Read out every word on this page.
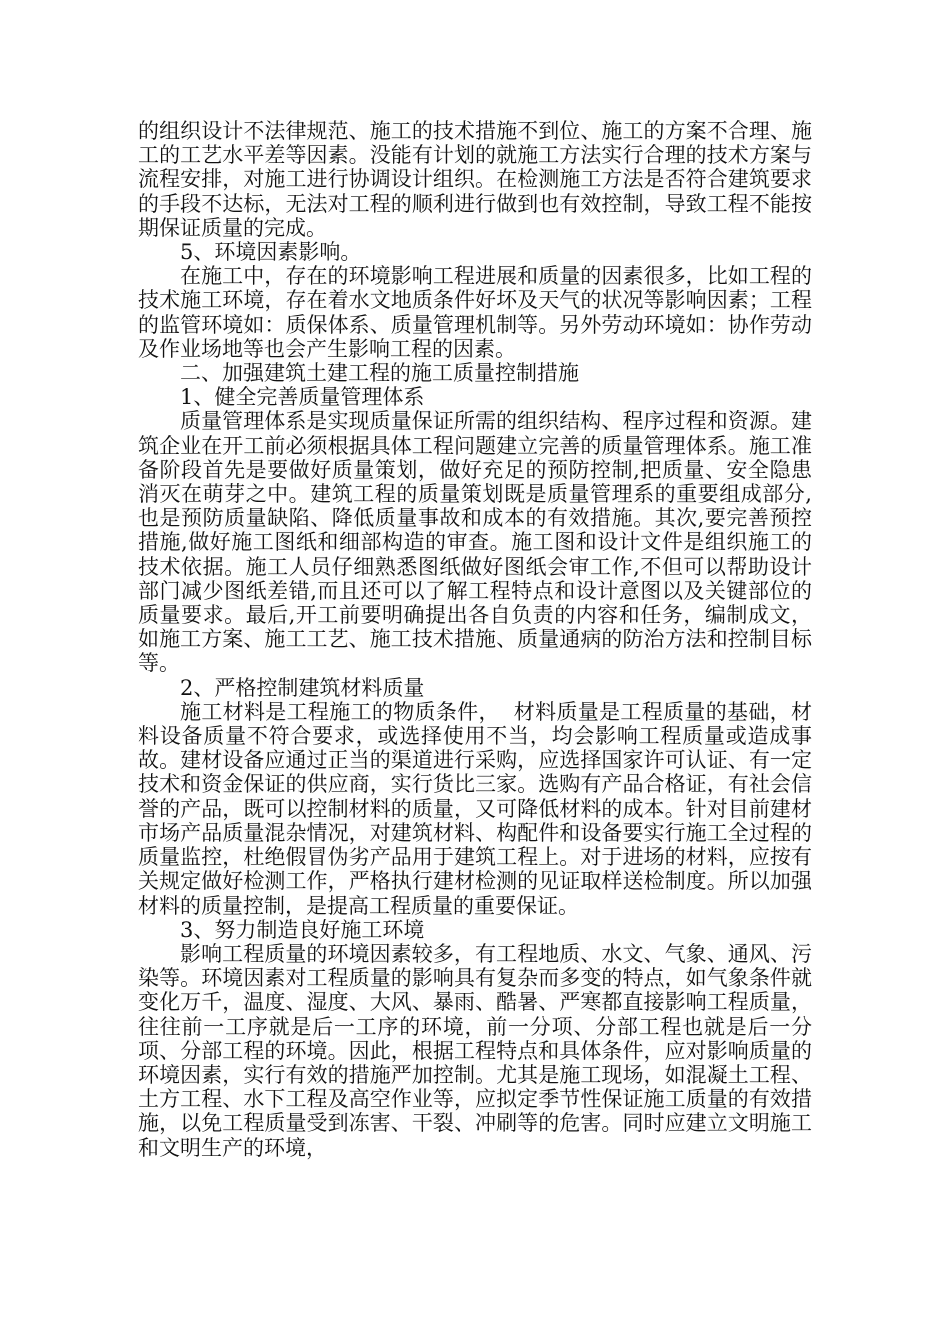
的组织设计不法律规范、施工的技术措施不到位、施工的方案不合理、施工的工艺水平差等因素。没能有计划的就施工方法实行合理的技术方案与流程安排，对施工进行协调设计组织。在检测施工方法是否符合建筑要求的手段不达标，无法对工程的顺利进行做到也有效控制，导致工程不能按期保证质量的完成。

5、环境因素影响。

在施工中，存在的环境影响工程进展和质量的因素很多，比如工程的技术施工环境，存在着水文地质条件好坏及天气的状况等影响因素；工程的监管环境如：质保体系、质量管理机制等。另外劳动环境如：协作劳动及作业场地等也会产生影响工程的因素。

二、加强建筑土建工程的施工质量控制措施

1、健全完善质量管理体系

质量管理体系是实现质量保证所需的组织结构、程序过程和资源。建筑企业在开工前必须根据具体工程问题建立完善的质量管理体系。施工准备阶段首先是要做好质量策划，做好充足的预防控制,把质量、安全隐患消灭在萌芽之中。建筑工程的质量策划既是质量管理系的重要组成部分,也是预防质量缺陷、降低质量事故和成本的有效措施。其次,要完善预控措施,做好施工图纸和细部构造的审查。施工图和设计文件是组织施工的技术依据。施工人员仔细熟悉图纸做好图纸会审工作,不但可以帮助设计部门减少图纸差错,而且还可以了解工程特点和设计意图以及关键部位的质量要求。最后,开工前要明确提出各自负责的内容和任务，编制成文，如施工方案、施工工艺、施工技术措施、质量通病的防治方法和控制目标等。

2、严格控制建筑材料质量

施工材料是工程施工的物质条件，  材料质量是工程质量的基础，材料设备质量不符合要求，或选择使用不当，均会影响工程质量或造成事故。建材设备应通过正当的渠道进行采购，应选择国家许可认证、有一定技术和资金保证的供应商，实行货比三家。选购有产品合格证，有社会信誉的产品，既可以控制材料的质量，又可降低材料的成本。针对目前建材市场产品质量混杂情况，对建筑材料、构配件和设备要实行施工全过程的质量监控，杜绝假冒伪劣产品用于建筑工程上。对于进场的材料，应按有关规定做好检测工作，严格执行建材检测的见证取样送检制度。所以加强材料的质量控制，是提高工程质量的重要保证。

3、努力制造良好施工环境

影响工程质量的环境因素较多，有工程地质、水文、气象、通风、污染等。环境因素对工程质量的影响具有复杂而多变的特点，如气象条件就变化万千，温度、湿度、大风、暴雨、酷暑、严寒都直接影响工程质量，往往前一工序就是后一工序的环境，前一分项、分部工程也就是后一分项、分部工程的环境。因此，根据工程特点和具体条件，应对影响质量的环境因素，实行有效的措施严加控制。尤其是施工现场，如混凝土工程、土方工程、水下工程及高空作业等，应拟定季节性保证施工质量的有效措施，以免工程质量受到冻害、干裂、冲刷等的危害。同时应建立文明施工和文明生产的环境，
